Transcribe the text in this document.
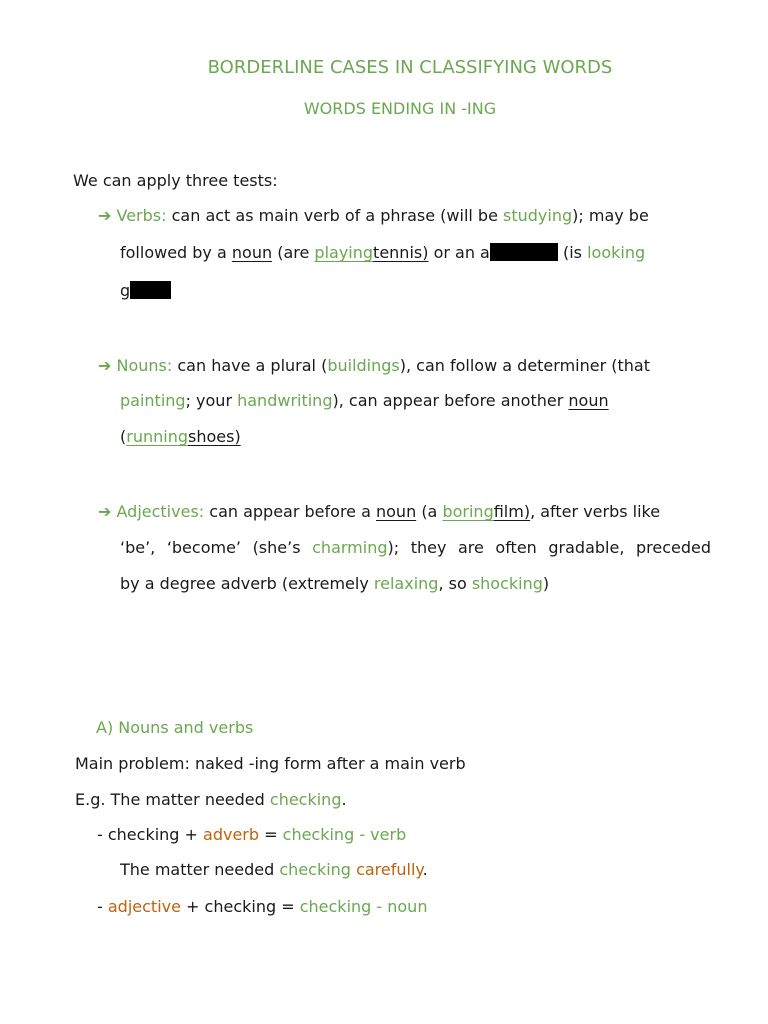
BORDERLINE CASES IN CLASSIFYING WORDS
WORDS ENDING IN -ING
We can apply three tests:
➔ Verbs: can act as main verb of a phrase (will be studying); may be
followed by a noun (are playingtennis) or an a	(is looking
g
➔ Nouns: can have a plural (buildings), can follow a determiner (that
painting; your handwriting), can appear before another noun
(runningshoes)
➔ Adjectives: can appear before a noun (a boringfilm), after verbs like
‘be’, ‘become’ (she’s charming); they are often gradable, preceded
by a degree adverb (extremely relaxing, so shocking)
A) Nouns and verbs
Main problem: naked -ing form after a main verb
E.g. The matter needed checking.
- checking + adverb = checking - verb
The matter needed checking carefully.
- adjective + checking = checking - noun
